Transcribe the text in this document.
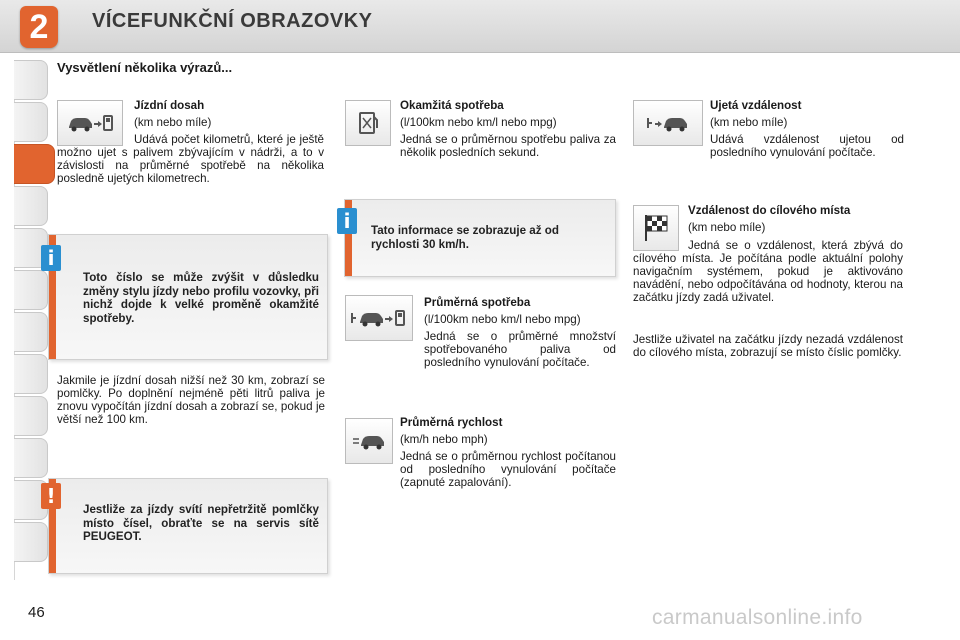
2	VÍCEFUNKČNÍ OBRAZOVKY
Vysvětlení několika výrazů...

Jízdní dosah

(km nebo míle)

Udává počet kilometrů, které je ještě možno ujet s palivem zbývajícím v nádrži, a to v závislosti na průměrné spotřebě na několika posledně ujetých kilometrech.
i
Toto číslo se může zvýšit v důsledku změny stylu jízdy nebo profilu vozovky, při nichž dojde k velké proměně okamžité spotřeby.
Jakmile je jízdní dosah nižší než 30 km, zobrazí se pomlčky. Po doplnění nejméně pěti litrů paliva je znovu vypočítán jízdní dosah a zobrazí se, pokud je větší než 100 km.
!
Jestliže za jízdy svítí nepřetržitě pomlčky místo čísel, obraťte se na servis sítě PEUGEOT.

Okamžitá spotřeba

(l/100km nebo km/l nebo mpg)

Jedná se o průměrnou spotřebu paliva za několik posledních sekund.

i	Tato informace se zobrazuje až od rychlosti 30 km/h.

Průměrná spotřeba

(l/100km nebo km/l nebo mpg)

Jedná se o průměrné množství spotřebovaného paliva od posledního vynulování počítače.

Průměrná rychlost

(km/h nebo mph)

Jedná se o průměrnou rychlost počítanou od posledního vynulování počítače (zapnuté zapalování).

Ujetá vzdálenost

(km nebo míle)

Udává vzdálenost ujetou od posledního vynulování počítače.

Vzdálenost do cílového místa

(km nebo míle)

Jedná se o vzdálenost, která zbývá do cílového místa. Je počítána podle aktuální polohy navigačním systémem, pokud je aktivováno navádění, nebo odpočítávána od hodnoty, kterou na začátku jízdy zadá uživatel.
Jestliže uživatel na začátku jízdy nezadá vzdálenost do cílového místa, zobrazují se místo číslic pomlčky.
46	carmanualsonline.info
